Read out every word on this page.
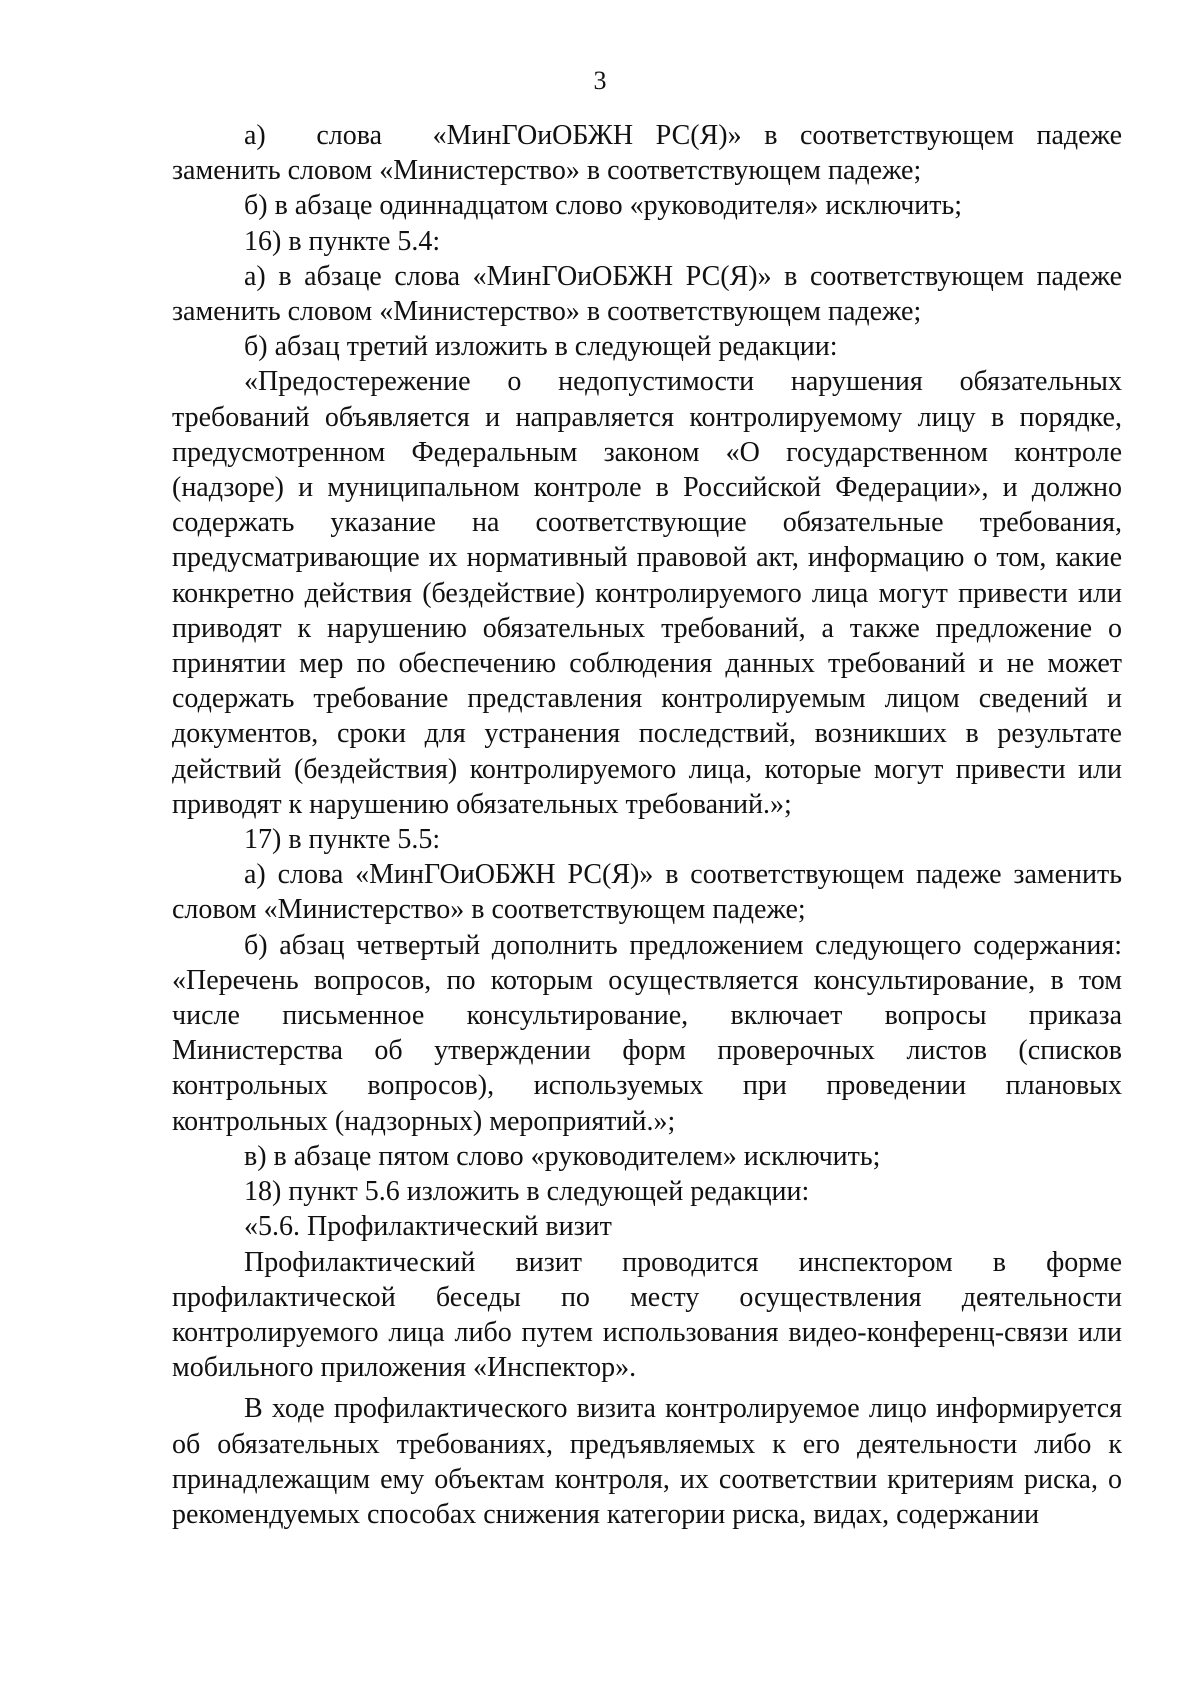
3

а)  слова  «МинГОиОБЖН РС(Я)» в соответствующем падеже заменить словом «Министерство» в соответствующем падеже;

б) в абзаце одиннадцатом слово «руководителя» исключить;

16) в пункте 5.4:

а) в абзаце слова «МинГОиОБЖН РС(Я)» в соответствующем падеже заменить словом «Министерство» в соответствующем падеже;

б) абзац третий изложить в следующей редакции:

«Предостережение о недопустимости нарушения обязательных требований объявляется и направляется контролируемому лицу в порядке, предусмотренном Федеральным законом «О государственном контроле (надзоре) и муниципальном контроле в Российской Федерации», и должно содержать указание на соответствующие обязательные требования, предусматривающие их нормативный правовой акт, информацию о том, какие конкретно действия (бездействие) контролируемого лица могут привести или приводят к нарушению обязательных требований, а также предложение о принятии мер по обеспечению соблюдения данных требований и не может содержать требование представления контролируемым лицом сведений и документов, сроки для устранения последствий, возникших в результате действий (бездействия) контролируемого лица, которые могут привести или приводят к нарушению обязательных требований.»;

17) в пункте 5.5:

а) слова «МинГОиОБЖН РС(Я)» в соответствующем падеже заменить словом «Министерство» в соответствующем падеже;

б) абзац четвертый дополнить предложением следующего содержания: «Перечень вопросов, по которым осуществляется консультирование, в том числе письменное консультирование, включает вопросы приказа Министерства об утверждении форм проверочных листов (списков контрольных вопросов), используемых при проведении плановых контрольных (надзорных) мероприятий.»;

в) в абзаце пятом слово «руководителем» исключить;

18) пункт 5.6 изложить в следующей редакции:

«5.6. Профилактический визит

Профилактический визит проводится инспектором в форме профилактической беседы по месту осуществления деятельности контролируемого лица либо путем использования видео-конференц-связи или мобильного приложения «Инспектор».

В ходе профилактического визита контролируемое лицо информируется об обязательных требованиях, предъявляемых к его деятельности либо к принадлежащим ему объектам контроля, их соответствии критериям риска, о рекомендуемых способах снижения категории риска, видах, содержании
